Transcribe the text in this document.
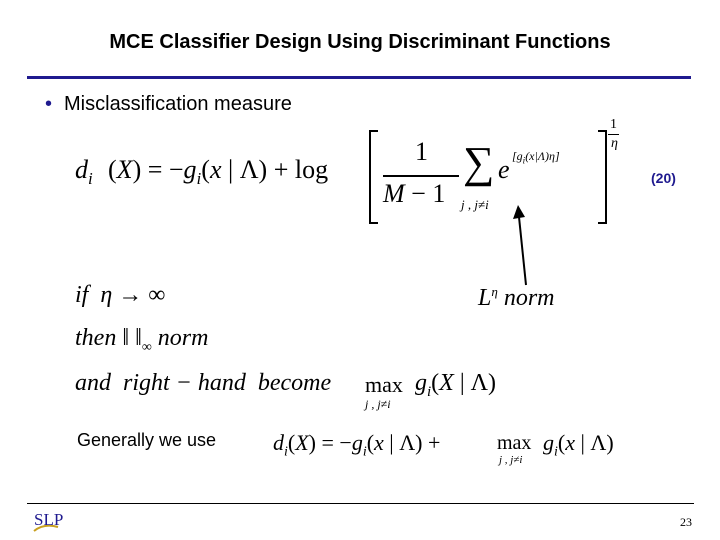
MCE Classifier Design Using Discriminant Functions
• Misclassification measure
$d_i$ $(X) = -g_i(x$ | Λ) + log
1
M − 1
∑
j , j≠i
e $[g_i(x|\Lambda)\eta]$
1
η
(20)
$L^\eta$ norm
if  η → ∞
then ‖ $‖_\infty$ norm
and  right − hand  become max
j , j≠i
$g_i(X$ | Λ)
Generally we use	$d_i(X) = -g_i(x$ | Λ) +	max
j , j≠i
$g_i(x$ | Λ)
SLP	23
